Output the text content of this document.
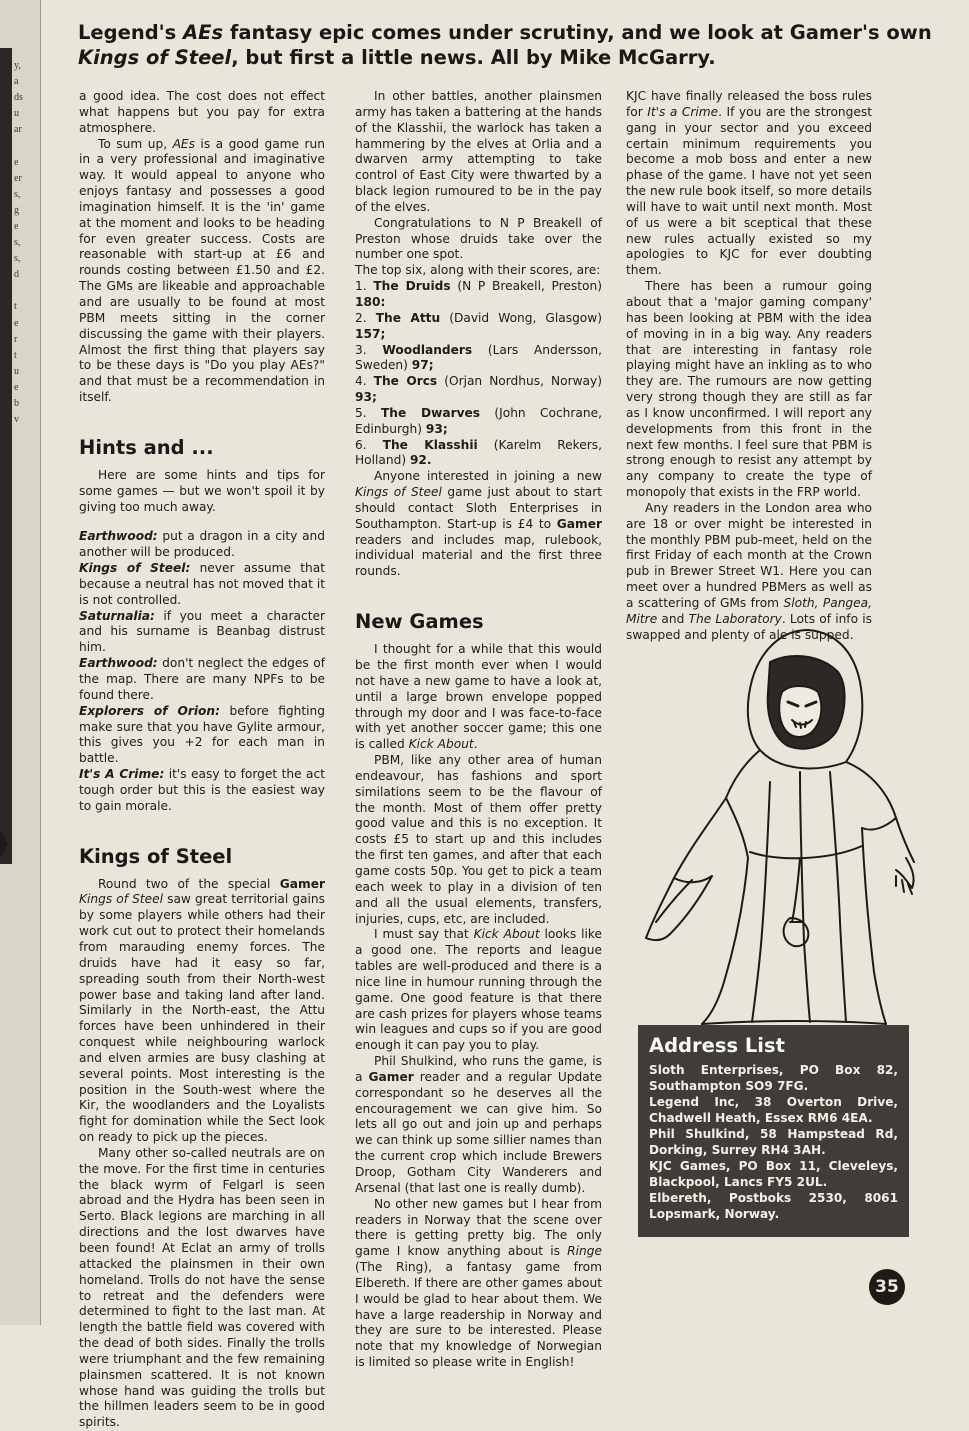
y,
a
ds
u
ar
e
er
s,
g
e
s,
s,
d
t
e
r
t
u
e
b
v
Legend's AEs fantasy epic comes under scrutiny, and we look at Gamer's own Kings of Steel, but first a little news. All by Mike McGarry.

a good idea. The cost does not effect what happens but you pay for extra atmosphere.

To sum up, AEs is a good game run in a very professional and imaginative way. It would appeal to anyone who enjoys fantasy and possesses a good imagination himself. It is the 'in' game at the moment and looks to be heading for even greater success. Costs are reasonable with start-up at £6 and rounds costing between £1.50 and £2. The GMs are likeable and approachable and are usually to be found at most PBM meets sitting in the corner discussing the game with their players. Almost the first thing that players say to be these days is "Do you play AEs?" and that must be a recommendation in itself.

Hints and ...

Here are some hints and tips for some games — but we won't spoil it by giving too much away.

Earthwood: put a dragon in a city and another will be produced.

Kings of Steel: never assume that because a neutral has not moved that it is not controlled.

Saturnalia: if you meet a character and his surname is Beanbag distrust him.

Earthwood: don't neglect the edges of the map. There are many NPFs to be found there.

Explorers of Orion: before fighting make sure that you have Gylite armour, this gives you +2 for each man in battle.

It's A Crime: it's easy to forget the act tough order but this is the easiest way to gain morale.

Kings of Steel

Round two of the special Gamer Kings of Steel saw great territorial gains by some players while others had their work cut out to protect their homelands from marauding enemy forces. The druids have had it easy so far, spreading south from their North-west power base and taking land after land. Similarly in the North-east, the Attu forces have been unhindered in their conquest while neighbouring warlock and elven armies are busy clashing at several points. Most interesting is the position in the South-west where the Kir, the woodlanders and the Loyalists fight for domination while the Sect look on ready to pick up the pieces.

Many other so-called neutrals are on the move. For the first time in centuries the black wyrm of Felgarl is seen abroad and the Hydra has been seen in Serto. Black legions are marching in all directions and the lost dwarves have been found! At Eclat an army of trolls attacked the plainsmen in their own homeland. Trolls do not have the sense to retreat and the defenders were determined to fight to the last man. At length the battle field was covered with the dead of both sides. Finally the trolls were triumphant and the few remaining plainsmen scattered. It is not known whose hand was guiding the trolls but the hillmen leaders seem to be in good spirits.

In other battles, another plainsmen army has taken a battering at the hands of the Klasshii, the warlock has taken a hammering by the elves at Orlia and a dwarven army attempting to take control of East City were thwarted by a black legion rumoured to be in the pay of the elves.

Congratulations to N P Breakell of Preston whose druids take over the number one spot.

The top six, along with their scores, are:

1. The Druids (N P Breakell, Preston) 180:

2. The Attu (David Wong, Glasgow) 157;

3. Woodlanders (Lars Andersson, Sweden) 97;

4. The Orcs (Orjan Nordhus, Norway) 93;

5. The Dwarves (John Cochrane, Edinburgh) 93;

6. The Klasshii (Karelm Rekers, Holland) 92.

Anyone interested in joining a new Kings of Steel game just about to start should contact Sloth Enterprises in Southampton. Start-up is £4 to Gamer readers and includes map, rulebook, individual material and the first three rounds.

New Games

I thought for a while that this would be the first month ever when I would not have a new game to have a look at, until a large brown envelope popped through my door and I was face-to-face with yet another soccer game; this one is called Kick About.

PBM, like any other area of human endeavour, has fashions and sport similations seem to be the flavour of the month. Most of them offer pretty good value and this is no exception. It costs £5 to start up and this includes the first ten games, and after that each game costs 50p. You get to pick a team each week to play in a division of ten and all the usual elements, transfers, injuries, cups, etc, are included.

I must say that Kick About looks like a good one. The reports and league tables are well-produced and there is a nice line in humour running through the game. One good feature is that there are cash prizes for players whose teams win leagues and cups so if you are good enough it can pay you to play.

Phil Shulkind, who runs the game, is a Gamer reader and a regular Update correspondant so he deserves all the encouragement we can give him. So lets all go out and join up and perhaps we can think up some sillier names than the current crop which include Brewers Droop, Gotham City Wanderers and Arsenal (that last one is really dumb).

No other new games but I hear from readers in Norway that the scene over there is getting pretty big. The only game I know anything about is Ringe (The Ring), a fantasy game from Elbereth. If there are other games about I would be glad to hear about them. We have a large readership in Norway and they are sure to be interested. Please note that my knowledge of Norwegian is limited so please write in English!

KJC have finally released the boss rules for It's a Crime. If you are the strongest gang in your sector and you exceed certain minimum requirements you become a mob boss and enter a new phase of the game. I have not yet seen the new rule book itself, so more details will have to wait until next month. Most of us were a bit sceptical that these new rules actually existed so my apologies to KJC for ever doubting them.

There has been a rumour going about that a 'major gaming company' has been looking at PBM with the idea of moving in in a big way. Any readers that are interesting in fantasy role playing might have an inkling as to who they are. The rumours are now getting very strong though they are still as far as I know unconfirmed. I will report any developments from this front in the next few months. I feel sure that PBM is strong enough to resist any attempt by any company to create the type of monopoly that exists in the FRP world.

Any readers in the London area who are 18 or over might be interested in the monthly PBM pub-meet, held on the first Friday of each month at the Crown pub in Brewer Street W1. Here you can meet over a hundred PBMers as well as a scattering of GMs from Sloth, Pangea, Mitre and The Laboratory. Lots of info is swapped and plenty of ale is supped.

Address List

Sloth Enterprises, PO Box 82, Southampton SO9 7FG.

Legend Inc, 38 Overton Drive, Chadwell Heath, Essex RM6 4EA.

Phil Shulkind, 58 Hampstead Rd, Dorking, Surrey RH4 3AH.

KJC Games, PO Box 11, Cleveleys, Blackpool, Lancs FY5 2UL.

Elbereth, Postboks 2530, 8061 Lopsmark, Norway.

35
